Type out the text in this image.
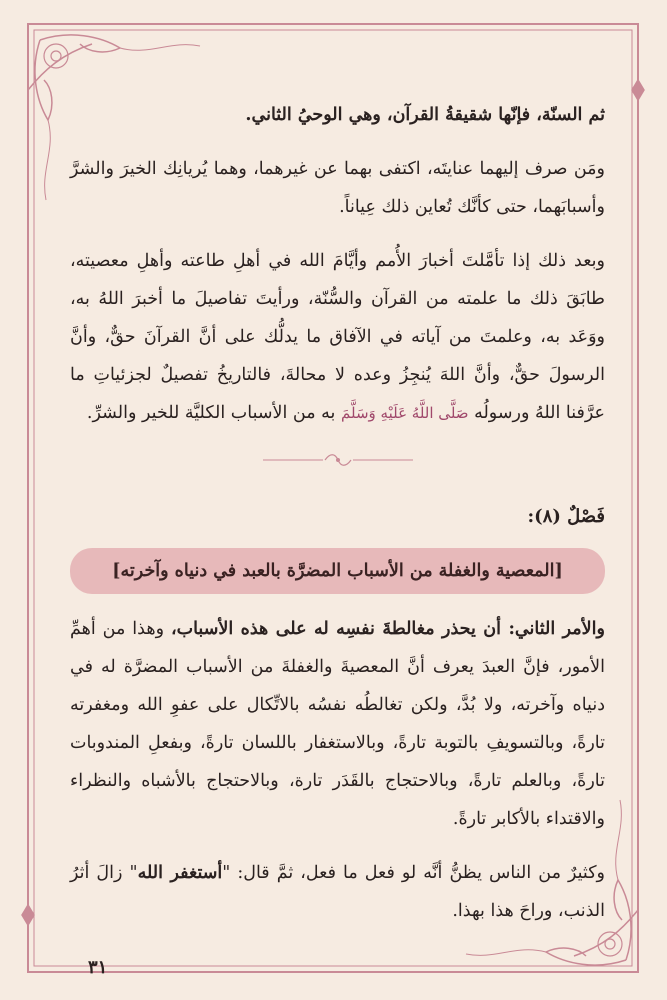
ثم السنّة، فإنّها شقيقةُ القرآن، وهي الوحيُ الثاني.

ومَن صرف إليهما عنايتَه، اكتفى بهما عن غيرهما، وهما يُريانِك الخيرَ والشرَّ وأسبابَهما، حتى كأنَّك تُعاين ذلك عِياناً.

وبعد ذلك إذا تأمَّلتَ أخبارَ الأُمم وأيَّامَ الله في أهلِ طاعته وأهلِ معصيته، طابَقَ ذلك ما علمته من القرآن والسُّنّة، ورأيتَ تفاصيلَ ما أخبرَ اللهُ به، ووَعَد به، وعلمتَ من آياته في الآفاق ما يدلُّك على أنَّ القرآنَ حقٌّ، وأنَّ الرسولَ حقٌّ، وأنَّ اللهَ يُنجِزُ وعده لا محالةَ، فالتاريخُ تفصيلٌ لجزئياتِ ما عرَّفنا اللهُ ورسولُه صَلَّى اللَّهُ عَلَيْهِ وَسَلَّمَ به من الأسباب الكليَّة للخير والشرِّ.

فَصْلٌ (٨):

[المعصية والغفلة من الأسباب المضرَّة بالعبد في دنياه وآخرته]

والأمر الثاني: أن يحذر مغالطةَ نفسِه له على هذه الأسباب، وهذا من أهمِّ الأمور، فإنَّ العبدَ يعرف أنَّ المعصيةَ والغفلةَ من الأسباب المضرَّة له في دنياه وآخرته، ولا بُدَّ، ولكن تغالطُه نفسُه بالاتِّكال على عفوِ الله ومغفرته تارةً، وبالتسويفِ بالتوبة تارةً، وبالاستغفار باللسان تارةً، وبفعلِ المندوبات تارةً، وبالعلم تارةً، وبالاحتجاج بالقَدَر تارة، وبالاحتجاج بالأشباه والنظراء والاقتداء بالأكابر تارةً.

وكثيرٌ من الناس يظنُّ أنَّه لو فعل ما فعل، ثمَّ قال: "أستغفر الله" زالَ أثرُ الذنب، وراحَ هذا بهذا.

٣١
